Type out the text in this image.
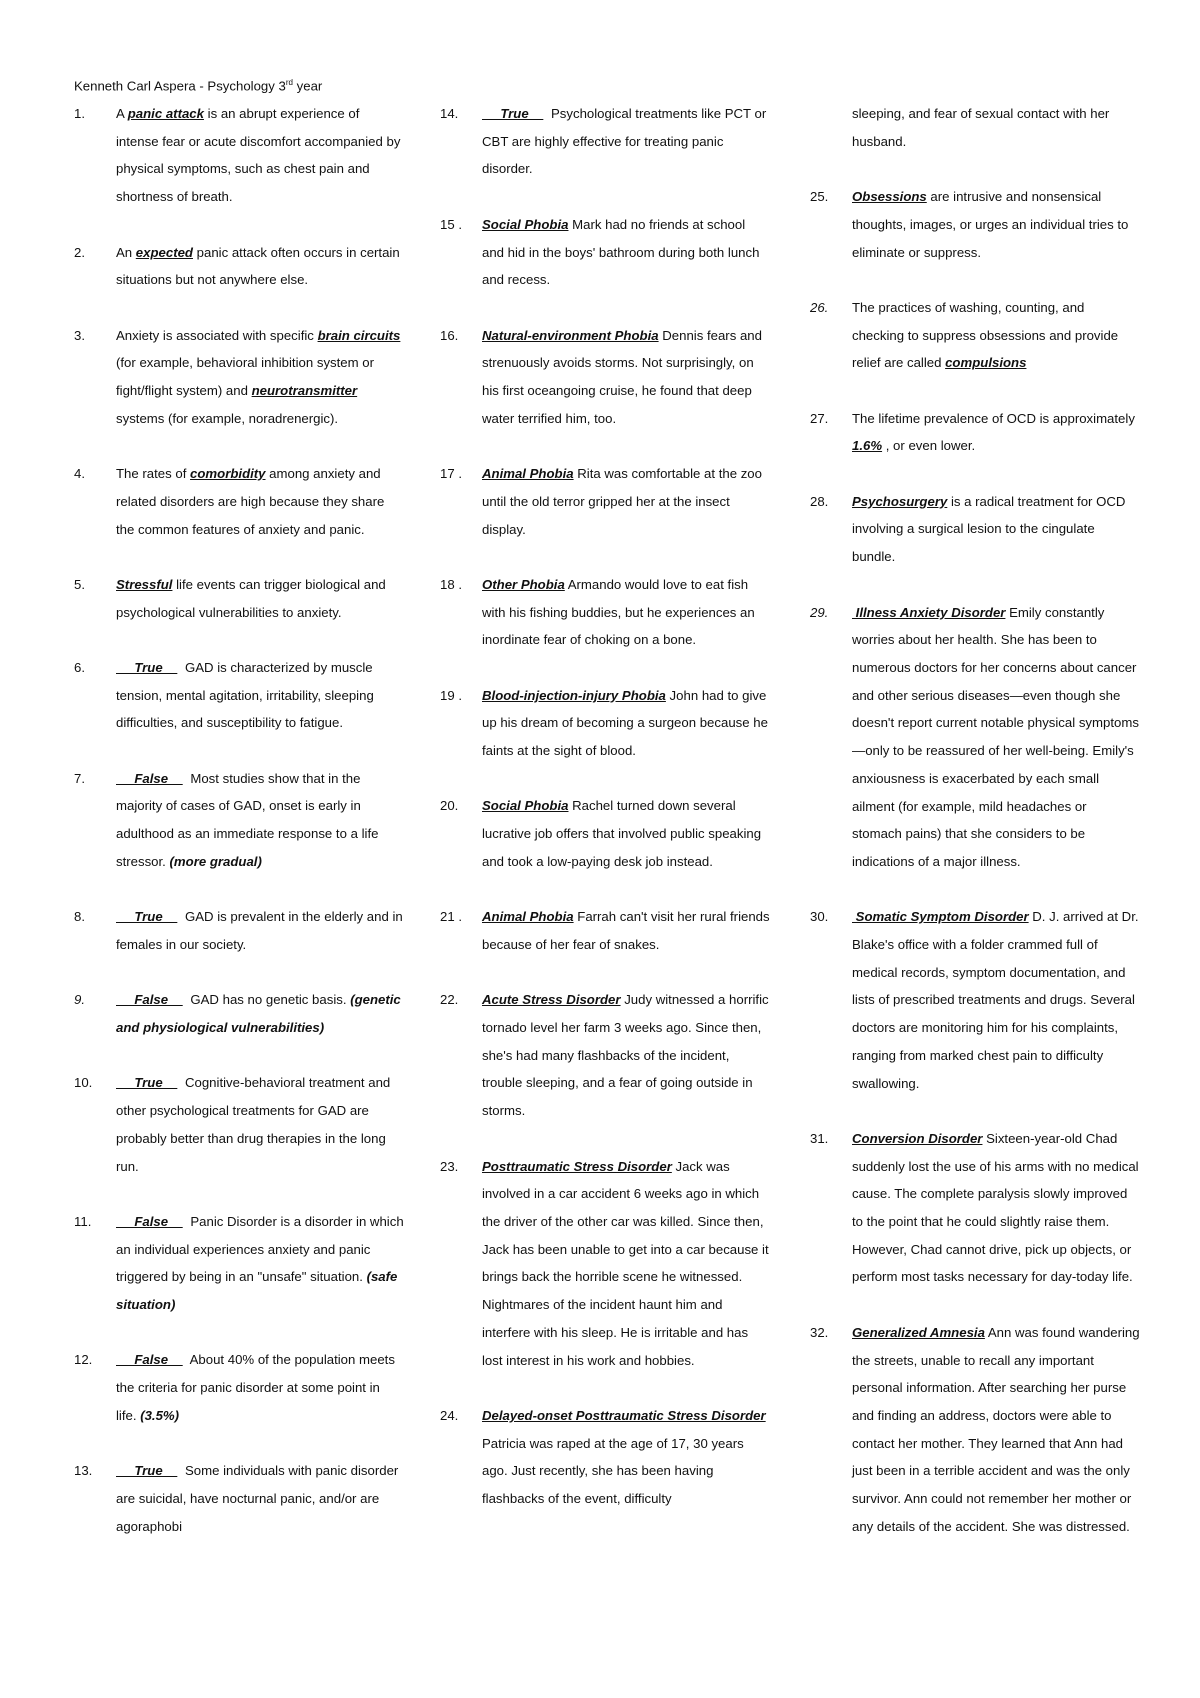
Kenneth Carl Aspera - Psychology 3rd year
1.	A panic attack is an abrupt experience of intense fear or acute discomfort accompanied by physical symptoms, such as chest pain and shortness of breath.
2.	An expected panic attack often occurs in certain situations but not anywhere else.
3.	Anxiety is associated with specific brain circuits (for example, behavioral inhibition system or fight/flight system) and neurotransmitter systems (for example, noradrenergic).
4.	The rates of comorbidity among anxiety and related disorders are high because they share the common features of anxiety and panic.
5.	Stressful life events can trigger biological and psychological vulnerabilities to anxiety.
6.	True     GAD is characterized by muscle tension, mental agitation, irritability, sleeping difficulties, and susceptibility to fatigue.
7.	False     Most studies show that in the majority of cases of GAD, onset is early in adulthood as an immediate response to a life stressor. (more gradual)
8.	True     GAD is prevalent in the elderly and in females in our society.
9.	False     GAD has no genetic basis. (genetic and physiological vulnerabilities)
10.	True     Cognitive-behavioral treatment and other psychological treatments for GAD are probably better than drug therapies in the long run.
11.	False     Panic Disorder is a disorder in which an individual experiences anxiety and panic triggered by being in an "unsafe" situation. (safe situation)
12.	False     About 40% of the population meets the criteria for panic disorder at some point in life. (3.5%)
13.	True     Some individuals with panic disorder are suicidal, have nocturnal panic, and/or are agoraphobi
14.	True     Psychological treatments like PCT or CBT are highly effective for treating panic disorder.
15 .	Social Phobia Mark had no friends at school and hid in the boys' bathroom during both lunch and recess.
16.	Natural-environment Phobia Dennis fears and strenuously avoids storms. Not surprisingly, on his first oceangoing cruise, he found that deep water terrified him, too.
17 .	Animal Phobia Rita was comfortable at the zoo until the old terror gripped her at the insect display.
18 .	Other Phobia Armando would love to eat fish with his fishing buddies, but he experiences an inordinate fear of choking on a bone.
19 .	Blood-injection-injury Phobia John had to give up his dream of becoming a surgeon because he faints at the sight of blood.
20.	Social Phobia Rachel turned down several lucrative job offers that involved public speaking and took a low-paying desk job instead.
21 .	Animal Phobia Farrah can't visit her rural friends because of her fear of snakes.
22.	Acute Stress Disorder Judy witnessed a horrific tornado level her farm 3 weeks ago. Since then, she's had many flashbacks of the incident, trouble sleeping, and a fear of going outside in storms.
23.	Posttraumatic Stress Disorder Jack was involved in a car accident 6 weeks ago in which the driver of the other car was killed. Since then, Jack has been unable to get into a car because it brings back the horrible scene he witnessed. Nightmares of the incident haunt him and interfere with his sleep. He is irritable and has lost interest in his work and hobbies.
24.	Delayed-onset Posttraumatic Stress Disorder Patricia was raped at the age of 17, 30 years ago. Just recently, she has been having flashbacks of the event, difficulty
sleeping, and fear of sexual contact with her husband.
25.	Obsessions are intrusive and nonsensical thoughts, images, or urges an individual tries to eliminate or suppress.
26.	The practices of washing, counting, and checking to suppress obsessions and provide relief are called compulsions
27.	The lifetime prevalence of OCD is approximately 1.6% , or even lower.
28.	Psychosurgery is a radical treatment for OCD involving a surgical lesion to the cingulate bundle.
29.	Illness Anxiety Disorder Emily constantly worries about her health. She has been to numerous doctors for her concerns about cancer and other serious diseases—even though she doesn't report current notable physical symptoms—only to be reassured of her well-being. Emily's anxiousness is exacerbated by each small ailment (for example, mild headaches or stomach pains) that she considers to be indications of a major illness.
30.	Somatic Symptom Disorder D. J. arrived at Dr. Blake's office with a folder crammed full of medical records, symptom documentation, and lists of prescribed treatments and drugs. Several doctors are monitoring him for his complaints, ranging from marked chest pain to difficulty swallowing.
31.	Conversion Disorder Sixteen-year-old Chad suddenly lost the use of his arms with no medical cause. The complete paralysis slowly improved to the point that he could slightly raise them. However, Chad cannot drive, pick up objects, or perform most tasks necessary for day-today life.
32.	Generalized Amnesia Ann was found wandering the streets, unable to recall any important personal information. After searching her purse and finding an address, doctors were able to contact her mother. They learned that Ann had just been in a terrible accident and was the only survivor. Ann could not remember her mother or any details of the accident. She was distressed.
